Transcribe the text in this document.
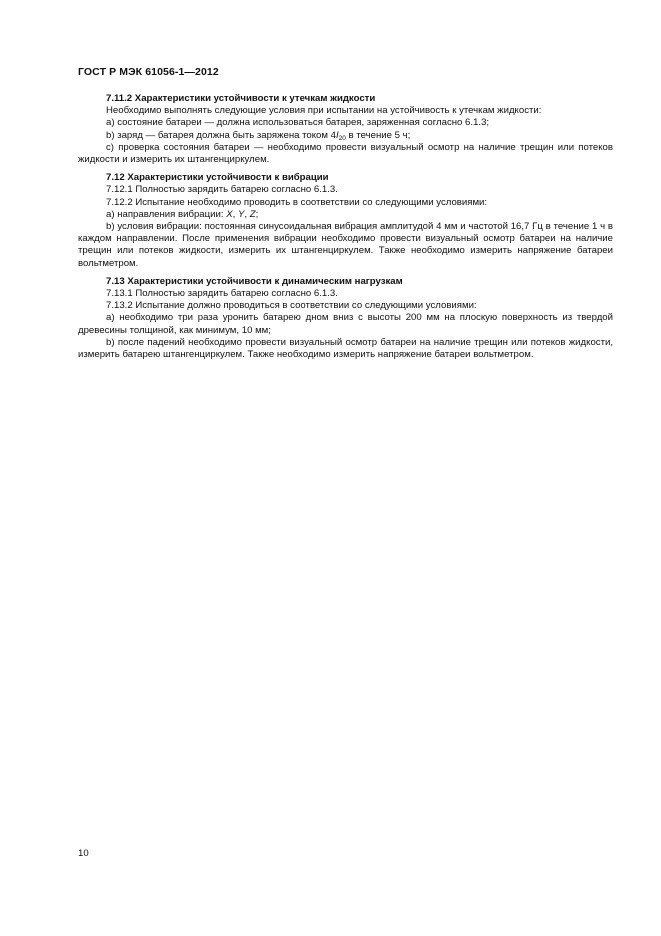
ГОСТ Р МЭК 61056-1—2012

7.11.2 Характеристики устойчивости к утечкам жидкости

Необходимо выполнять следующие условия при испытании на устойчивость к утечкам жидкости:

a) состояние батареи — должна использоваться батарея, заряженная согласно 6.1.3;

b) заряд — батарея должна быть заряжена током $4I_{20}$ в течение 5 ч;

c) проверка состояния батареи — необходимо провести визуальный осмотр на наличие трещин или потеков жидкости и измерить их штангенциркулем.

7.12 Характеристики устойчивости к вибрации

7.12.1 Полностью зарядить батарею согласно 6.1.3.

7.12.2 Испытание необходимо проводить в соответствии со следующими условиями:

a) направления вибрации: X, Y, Z;

b) условия вибрации: постоянная синусоидальная вибрация амплитудой 4 мм и частотой 16,7 Гц в течение 1 ч в каждом направлении. После применения вибрации необходимо провести визуальный осмотр батареи на наличие трещин или потеков жидкости, измерить их штангенциркулем. Также необходимо измерить напряжение батареи вольтметром.

7.13 Характеристики устойчивости к динамическим нагрузкам

7.13.1 Полностью зарядить батарею согласно 6.1.3.

7.13.2 Испытание должно проводиться в соответствии со следующими условиями:

a) необходимо три раза уронить батарею дном вниз с высоты 200 мм на плоскую поверхность из твердой древесины толщиной, как минимум, 10 мм;

b) после падений необходимо провести визуальный осмотр батареи на наличие трещин или потеков жидкости, измерить батарею штангенциркулем. Также необходимо измерить напряжение батареи вольтметром.

10
